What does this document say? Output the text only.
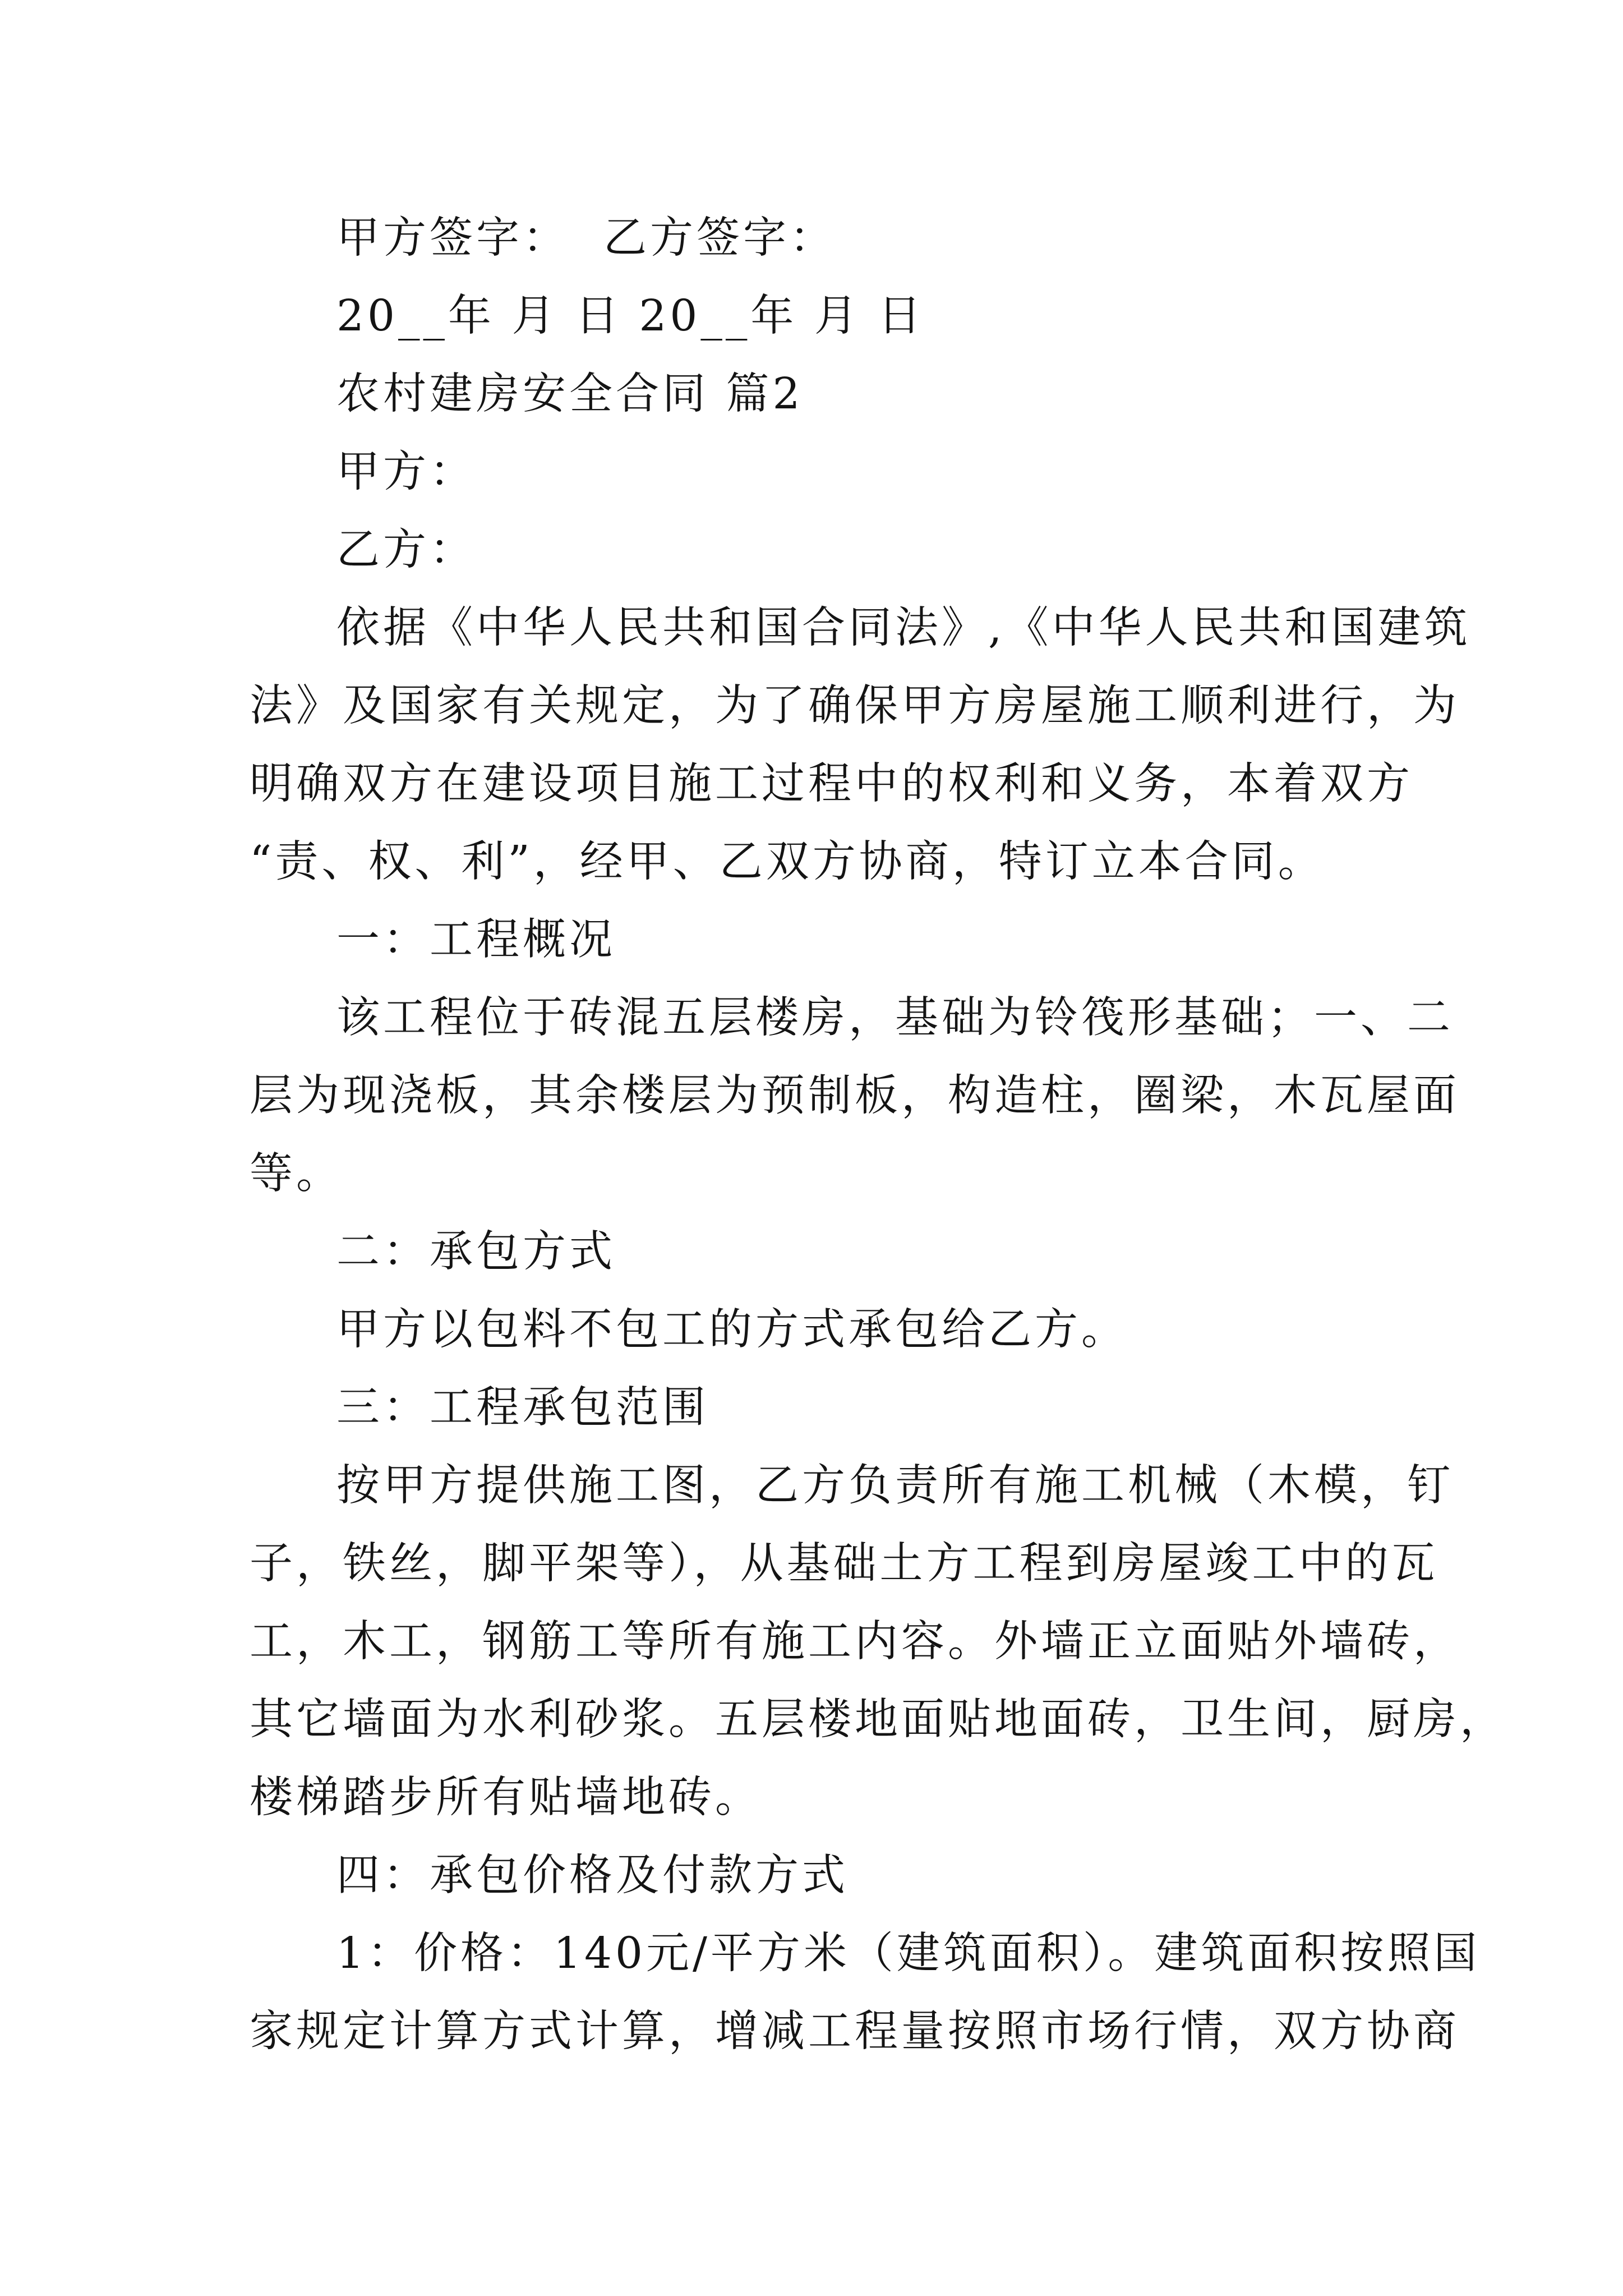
甲方签字：  乙方签字：
20__年 月 日 20__年 月 日
农村建房安全合同 篇2
甲方：
乙方：
依据《中华人民共和国合同法》,《中华人民共和国建筑
法》及国家有关规定，为了确保甲方房屋施工顺利进行，为
明确双方在建设项目施工过程中的权利和义务，本着双方
“责、权、利”，经甲、乙双方协商，特订立本合同。
一：工程概况
该工程位于砖混五层楼房，基础为铃筏形基础；一、二
层为现浇板，其余楼层为预制板，构造柱，圈梁，木瓦屋面
等。
二：承包方式
甲方以包料不包工的方式承包给乙方。
三：工程承包范围
按甲方提供施工图，乙方负责所有施工机械（木模，钉
子，铁丝，脚平架等），从基础土方工程到房屋竣工中的瓦
工，木工，钢筋工等所有施工内容。外墙正立面贴外墙砖，
其它墙面为水利砂浆。五层楼地面贴地面砖，卫生间，厨房，
楼梯踏步所有贴墙地砖。
四：承包价格及付款方式
1：价格：140元/平方米（建筑面积）。建筑面积按照国
家规定计算方式计算，增减工程量按照市场行情，双方协商
